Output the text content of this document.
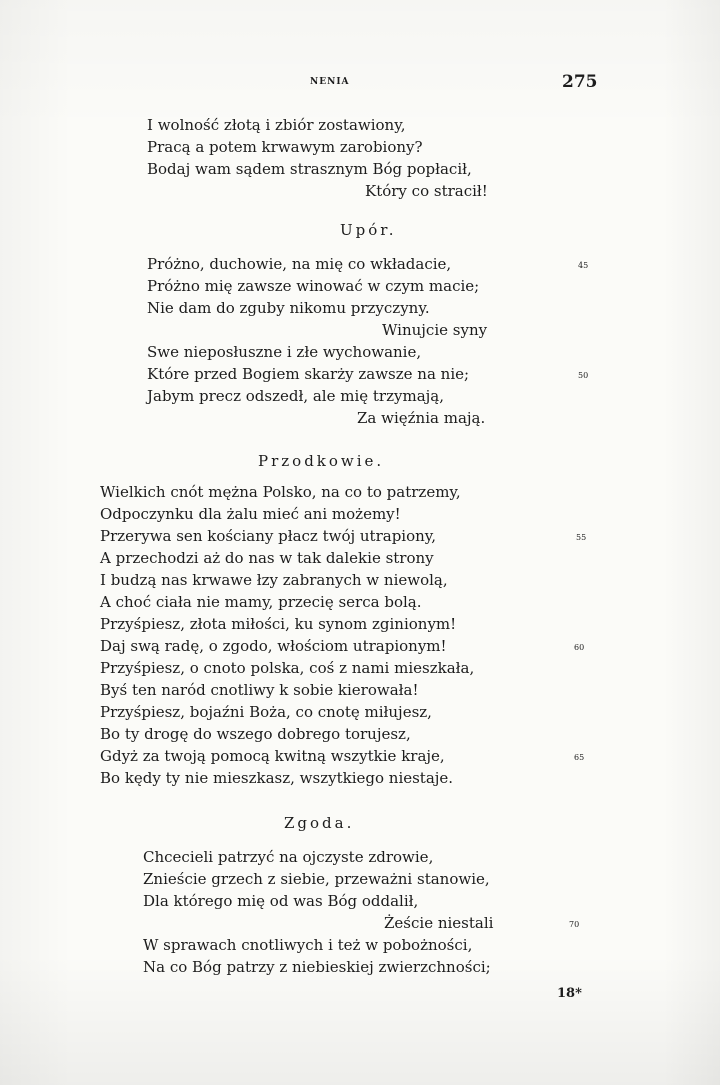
NENIA	275
I wolność złotą i zbiór zostawiony,
Pracą a potem krwawym zarobiony?
Bodaj wam sądem strasznym Bóg popłacił,
Który co stracił!
Upór.
Próżno, duchowie, na mię co wkładacie,
Próżno mię zawsze winować w czym macie;
Nie dam do zguby nikomu przyczyny.
Winujcie syny
Swe nieposłuszne i złe wychowanie,
Które przed Bogiem skarży zawsze na nie;
Jabym precz odszedł, ale mię trzymają,
Za więźnia mają.
45
50
Przodkowie.
Wielkich cnót mężna Polsko, na co to patrzemy,
Odpoczynku dla żalu mieć ani możemy!
Przerywa sen kościany płacz twój utrapiony,
A przechodzi aż do nas w tak dalekie strony
I budzą nas krwawe łzy zabranych w niewolą,
A choć ciała nie mamy, przecię serca bolą.
Przyśpiesz, złota miłości, ku synom zginionym!
Daj swą radę, o zgodo, włościom utrapionym!
Przyśpiesz, o cnoto polska, coś z nami mieszkała,
Byś ten naród cnotliwy k sobie kierowała!
Przyśpiesz, bojaźni Boża, co cnotę miłujesz,
Bo ty drogę do wszego dobrego torujesz,
Gdyż za twoją pomocą kwitną wszytkie kraje,
Bo kędy ty nie mieszkasz, wszytkiego niestaje.
55
60
65
Zgoda.
Chcecieli patrzyć na ojczyste zdrowie,
Znieście grzech z siebie, przeważni stanowie,
Dla którego mię od was Bóg oddalił,
Żeście niestali
W sprawach cnotliwych i też w pobożności,
Na co Bóg patrzy z niebieskiej zwierzchności;
70
18*
